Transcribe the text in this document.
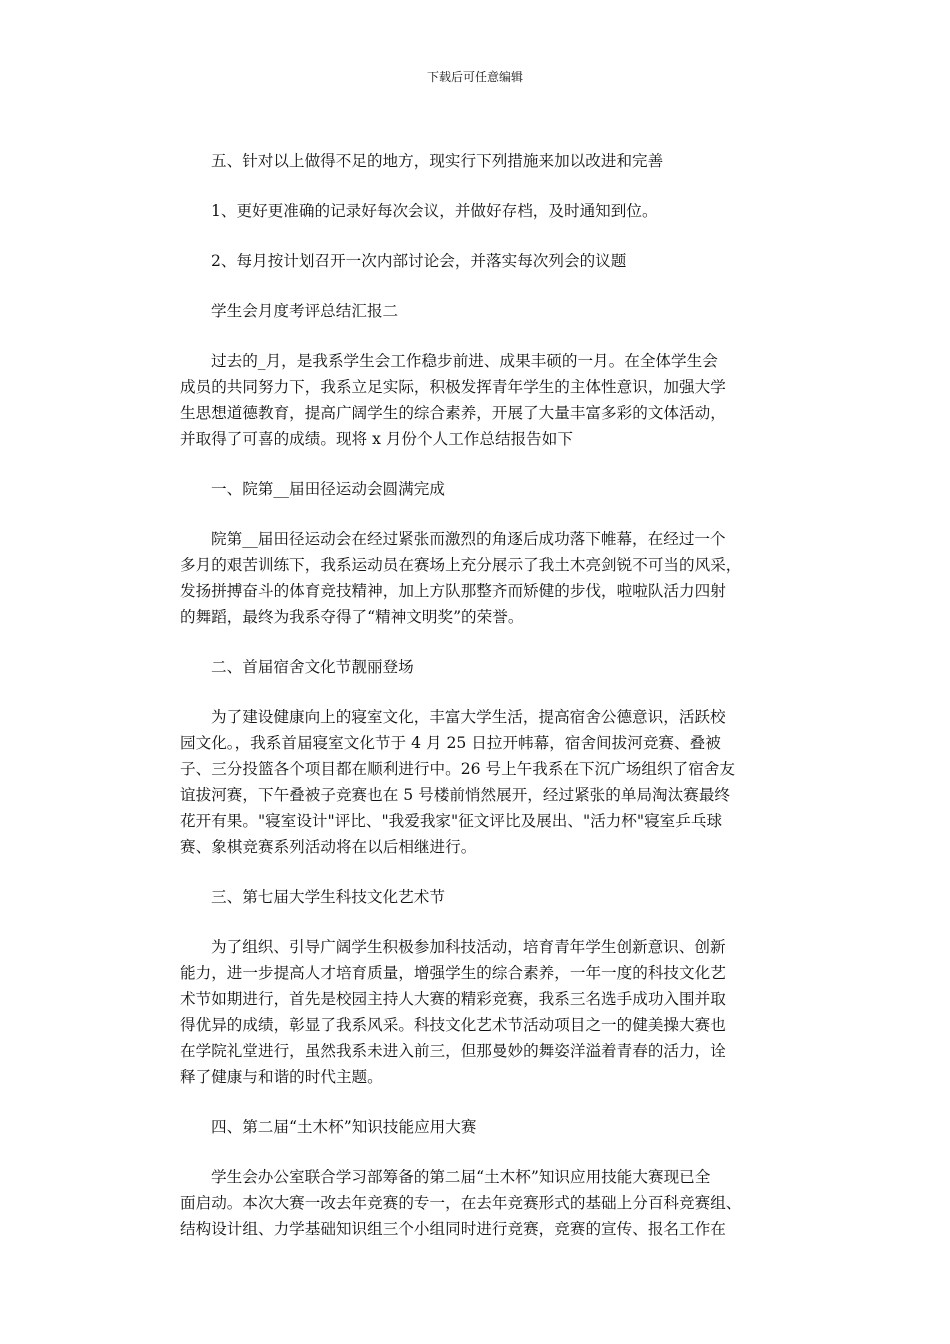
下载后可任意编辑

五、针对以上做得不足的地方，现实行下列措施来加以改进和完善

1、更好更准确的记录好每次会议，并做好存档，及时通知到位。

2、每月按计划召开一次内部讨论会，并落实每次列会的议题

学生会月度考评总结汇报二

过去的_月，是我系学生会工作稳步前进、成果丰硕的一月。在全体学生会

成员的共同努力下，我系立足实际，积极发挥青年学生的主体性意识，加强大学

生思想道德教育，提高广阔学生的综合素养，开展了大量丰富多彩的文体活动，

并取得了可喜的成绩。现将 x 月份个人工作总结报告如下

一、院第__届田径运动会圆满完成

院第__届田径运动会在经过紧张而激烈的角逐后成功落下帷幕，在经过一个

多月的艰苦训练下，我系运动员在赛场上充分展示了我土木亮剑锐不可当的风采，

发扬拼搏奋斗的体育竞技精神，加上方队那整齐而矫健的步伐，啦啦队活力四射

的舞蹈，最终为我系夺得了“精神文明奖”的荣誉。

二、首届宿舍文化节靓丽登场

为了建设健康向上的寝室文化，丰富大学生活，提高宿舍公德意识，活跃校

园文化。，我系首届寝室文化节于 4 月 25 日拉开帏幕，宿舍间拔河竞赛、叠被

子、三分投篮各个项目都在顺利进行中。26 号上午我系在下沉广场组织了宿舍友

谊拔河赛，下午叠被子竞赛也在 5 号楼前悄然展开，经过紧张的单局淘汰赛最终

花开有果。"寝室设计"评比、"我爱我家"征文评比及展出、"活力杯"寝室乒乓球

赛、象棋竞赛系列活动将在以后相继进行。

三、第七届大学生科技文化艺术节

为了组织、引导广阔学生积极参加科技活动，培育青年学生创新意识、创新

能力，进一步提高人才培育质量，增强学生的综合素养，一年一度的科技文化艺

术节如期进行，首先是校园主持人大赛的精彩竞赛，我系三名选手成功入围并取

得优异的成绩，彰显了我系风采。科技文化艺术节活动项目之一的健美操大赛也

在学院礼堂进行，虽然我系未进入前三，但那曼妙的舞姿洋溢着青春的活力，诠

释了健康与和谐的时代主题。

四、第二届“土木杯”知识技能应用大赛

学生会办公室联合学习部筹备的第二届“土木杯”知识应用技能大赛现已全

面启动。本次大赛一改去年竞赛的专一，在去年竞赛形式的基础上分百科竞赛组、

结构设计组、力学基础知识组三个小组同时进行竞赛，竞赛的宣传、报名工作在
